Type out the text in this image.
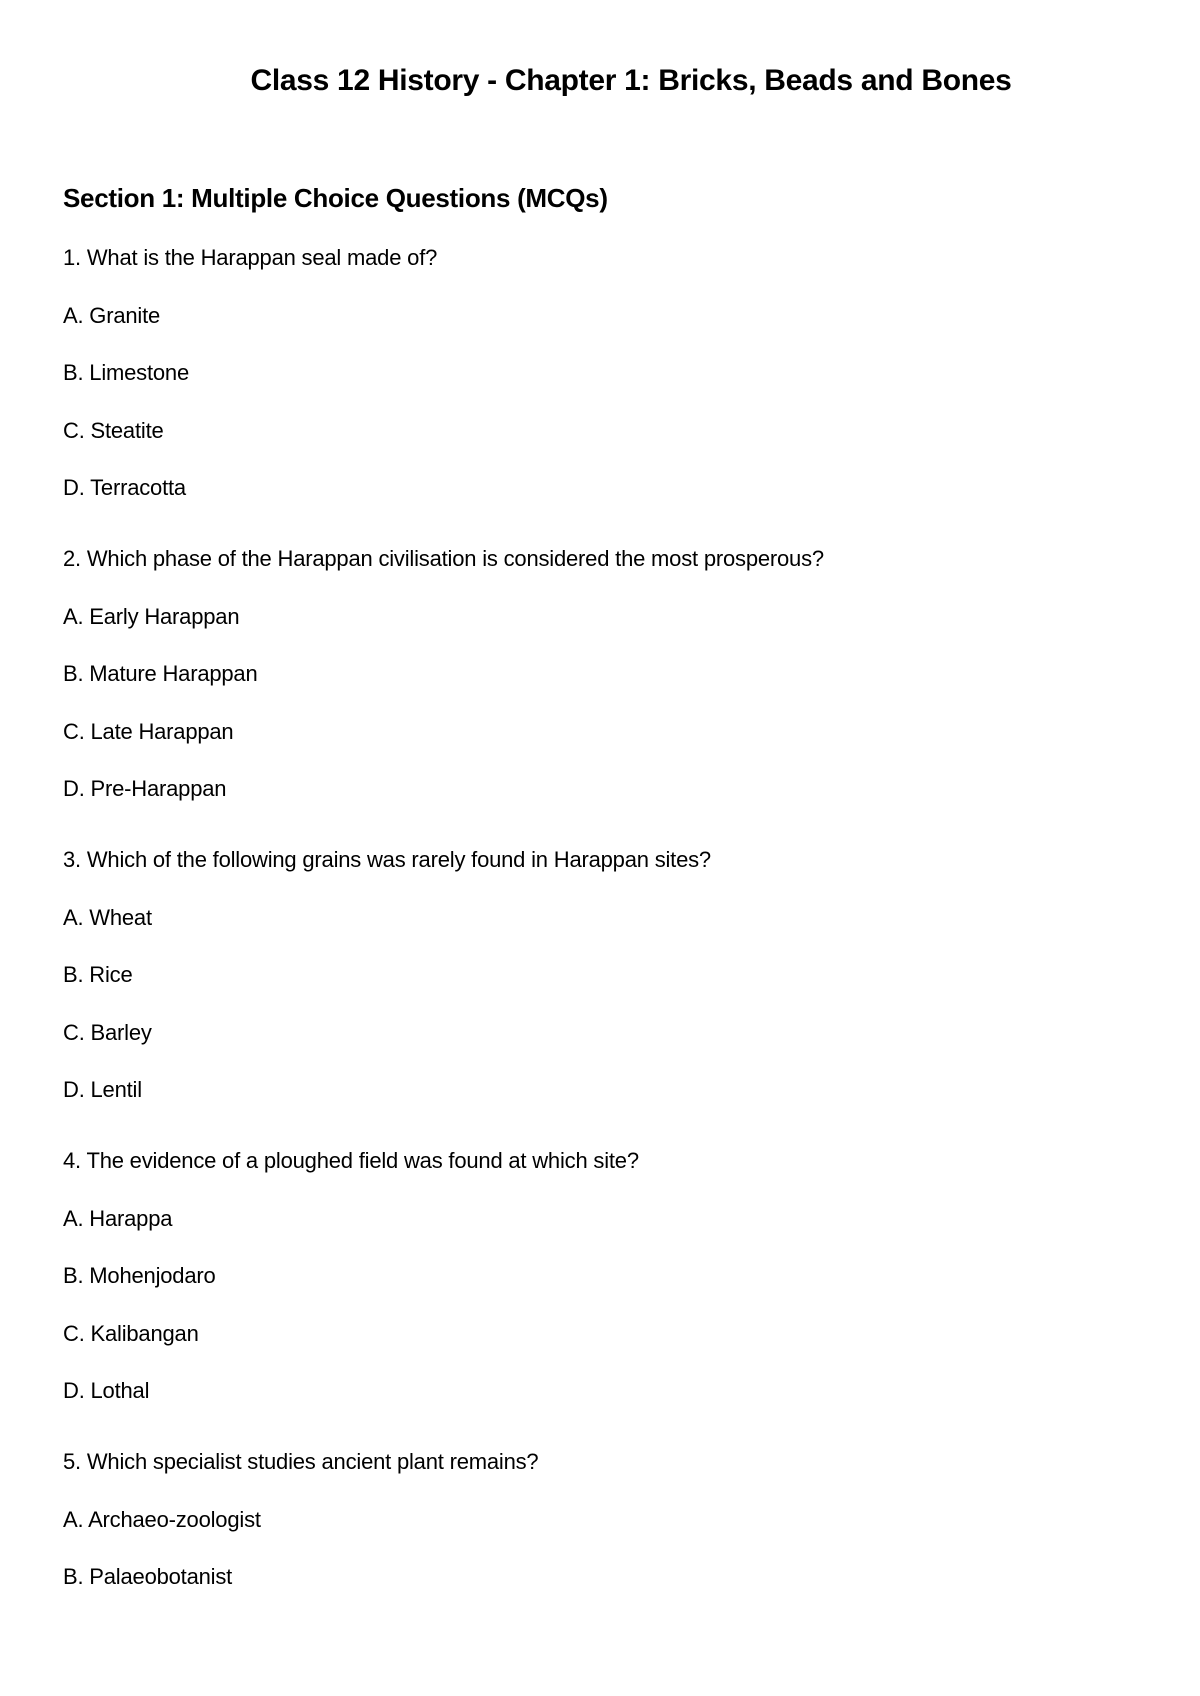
Class 12 History - Chapter 1: Bricks, Beads and Bones
Section 1: Multiple Choice Questions (MCQs)
1. What is the Harappan seal made of?
A. Granite
B. Limestone
C. Steatite
D. Terracotta
2. Which phase of the Harappan civilisation is considered the most prosperous?
A. Early Harappan
B. Mature Harappan
C. Late Harappan
D. Pre-Harappan
3. Which of the following grains was rarely found in Harappan sites?
A. Wheat
B. Rice
C. Barley
D. Lentil
4. The evidence of a ploughed field was found at which site?
A. Harappa
B. Mohenjodaro
C. Kalibangan
D. Lothal
5. Which specialist studies ancient plant remains?
A. Archaeo-zoologist
B. Palaeobotanist
